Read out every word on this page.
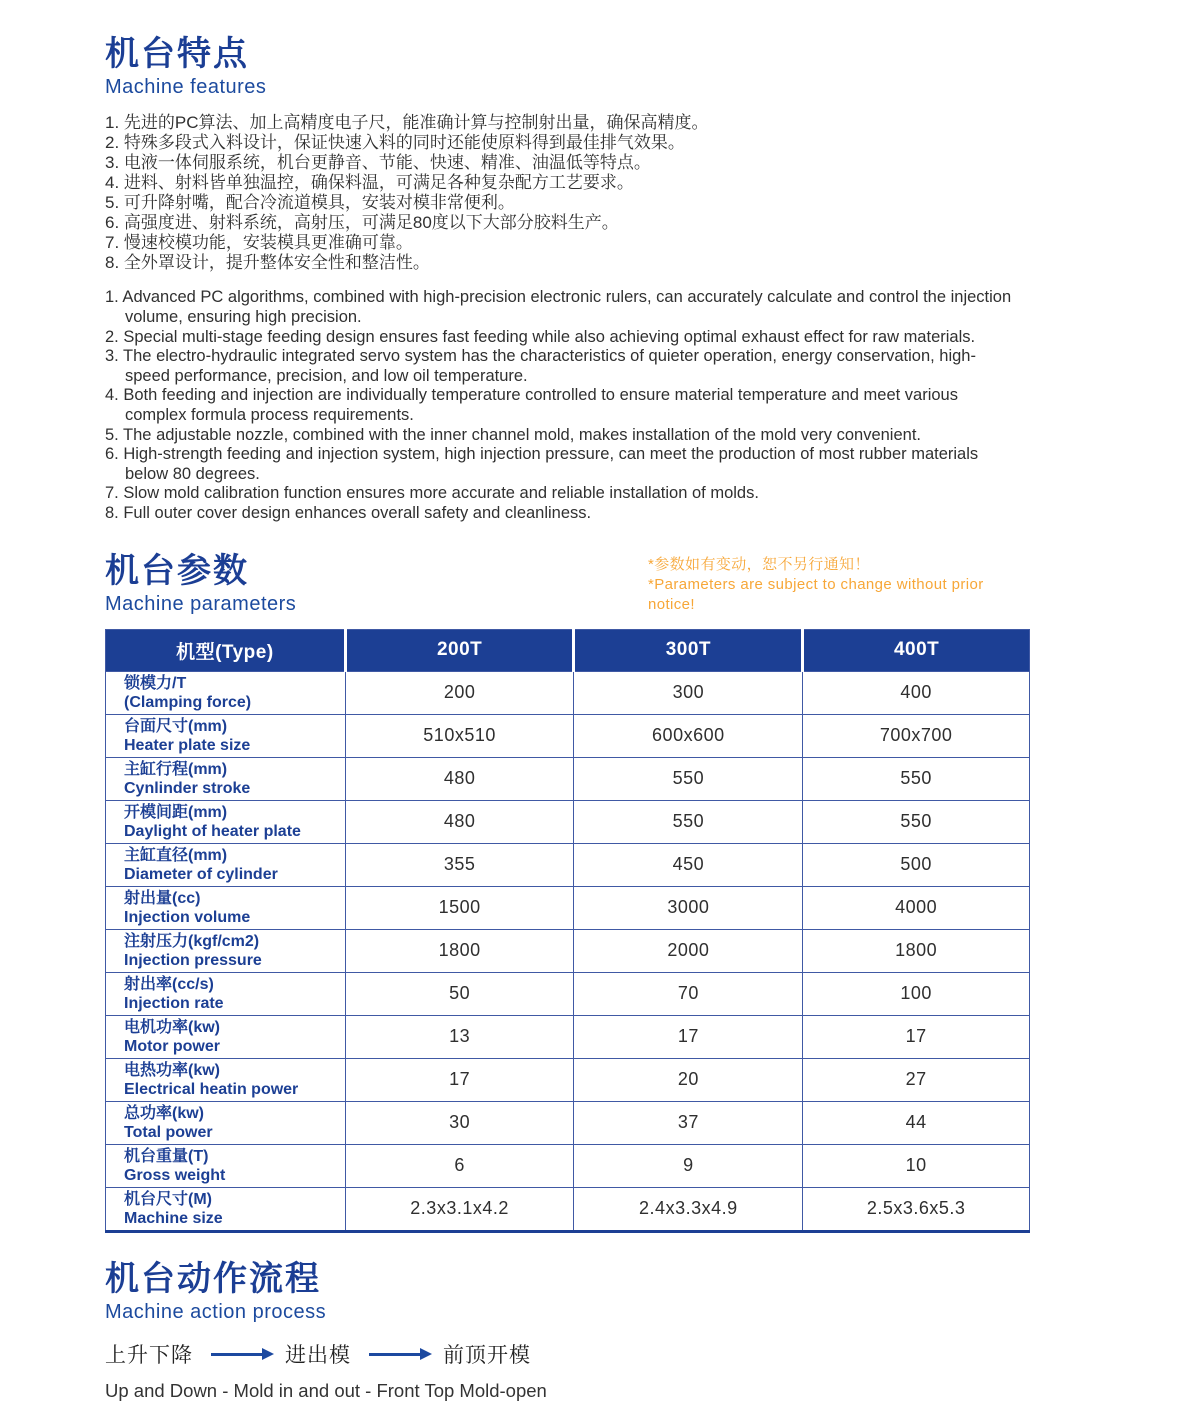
机台特点
Machine features
1. 先进的PC算法、加上高精度电子尺，能准确计算与控制射出量，确保高精度。
2. 特殊多段式入料设计，保证快速入料的同时还能使原料得到最佳排气效果。
3. 电液一体伺服系统，机台更静音、节能、快速、精准、油温低等特点。
4. 进料、射料皆单独温控，确保料温，可满足各种复杂配方工艺要求。
5. 可升降射嘴，配合冷流道模具，安装对模非常便利。
6. 高强度进、射料系统，高射压，可满足80度以下大部分胶料生产。
7. 慢速校模功能，安装模具更准确可靠。
8. 全外罩设计，提升整体安全性和整洁性。
1. Advanced PC algorithms, combined with high-precision electronic rulers, can accurately calculate and control the injection volume, ensuring high precision.
2. Special multi-stage feeding design ensures fast feeding while also achieving optimal exhaust effect for raw materials.
3. The electro-hydraulic integrated servo system has the characteristics of quieter operation, energy conservation, high-speed performance, precision, and low oil temperature.
4. Both feeding and injection are individually temperature controlled to ensure material temperature and meet various complex formula process requirements.
5. The adjustable nozzle, combined with the inner channel mold, makes installation of the mold very convenient.
6. High-strength feeding and injection system, high injection pressure, can meet the production of most rubber materials below 80 degrees.
7. Slow mold calibration function ensures more accurate and reliable installation of molds.
8. Full outer cover design enhances overall safety and cleanliness.
机台参数
Machine parameters
*参数如有变动，恕不另行通知！
*Parameters are subject to change without prior notice!
机型(Type)	200T	300T	400T

锁模力/T
(Clamping force)	200	300	400

台面尺寸(mm)
Heater plate size	510x510	600x600	700x700

主缸行程(mm)
Cynlinder stroke	480	550	550

开模间距(mm)
Daylight of heater plate	480	550	550

主缸直径(mm)
Diameter of cylinder	355	450	500

射出量(cc)
Injection volume	1500	3000	4000

注射压力(kgf/cm2)
Injection pressure	1800	2000	1800

射出率(cc/s)
Injection rate	50	70	100

电机功率(kw)
Motor power	13	17	17

电热功率(kw)
Electrical heatin power	17	20	27

总功率(kw)
Total power	30	37	44

机台重量(T)
Gross weight	6	9	10

机台尺寸(M)
Machine size	2.3x3.1x4.2	2.4x3.3x4.9	2.5x3.6x5.3
机台动作流程
Machine action process
上升下降	进出模	前顶开模
Up and Down - Mold in and out - Front Top Mold-open
